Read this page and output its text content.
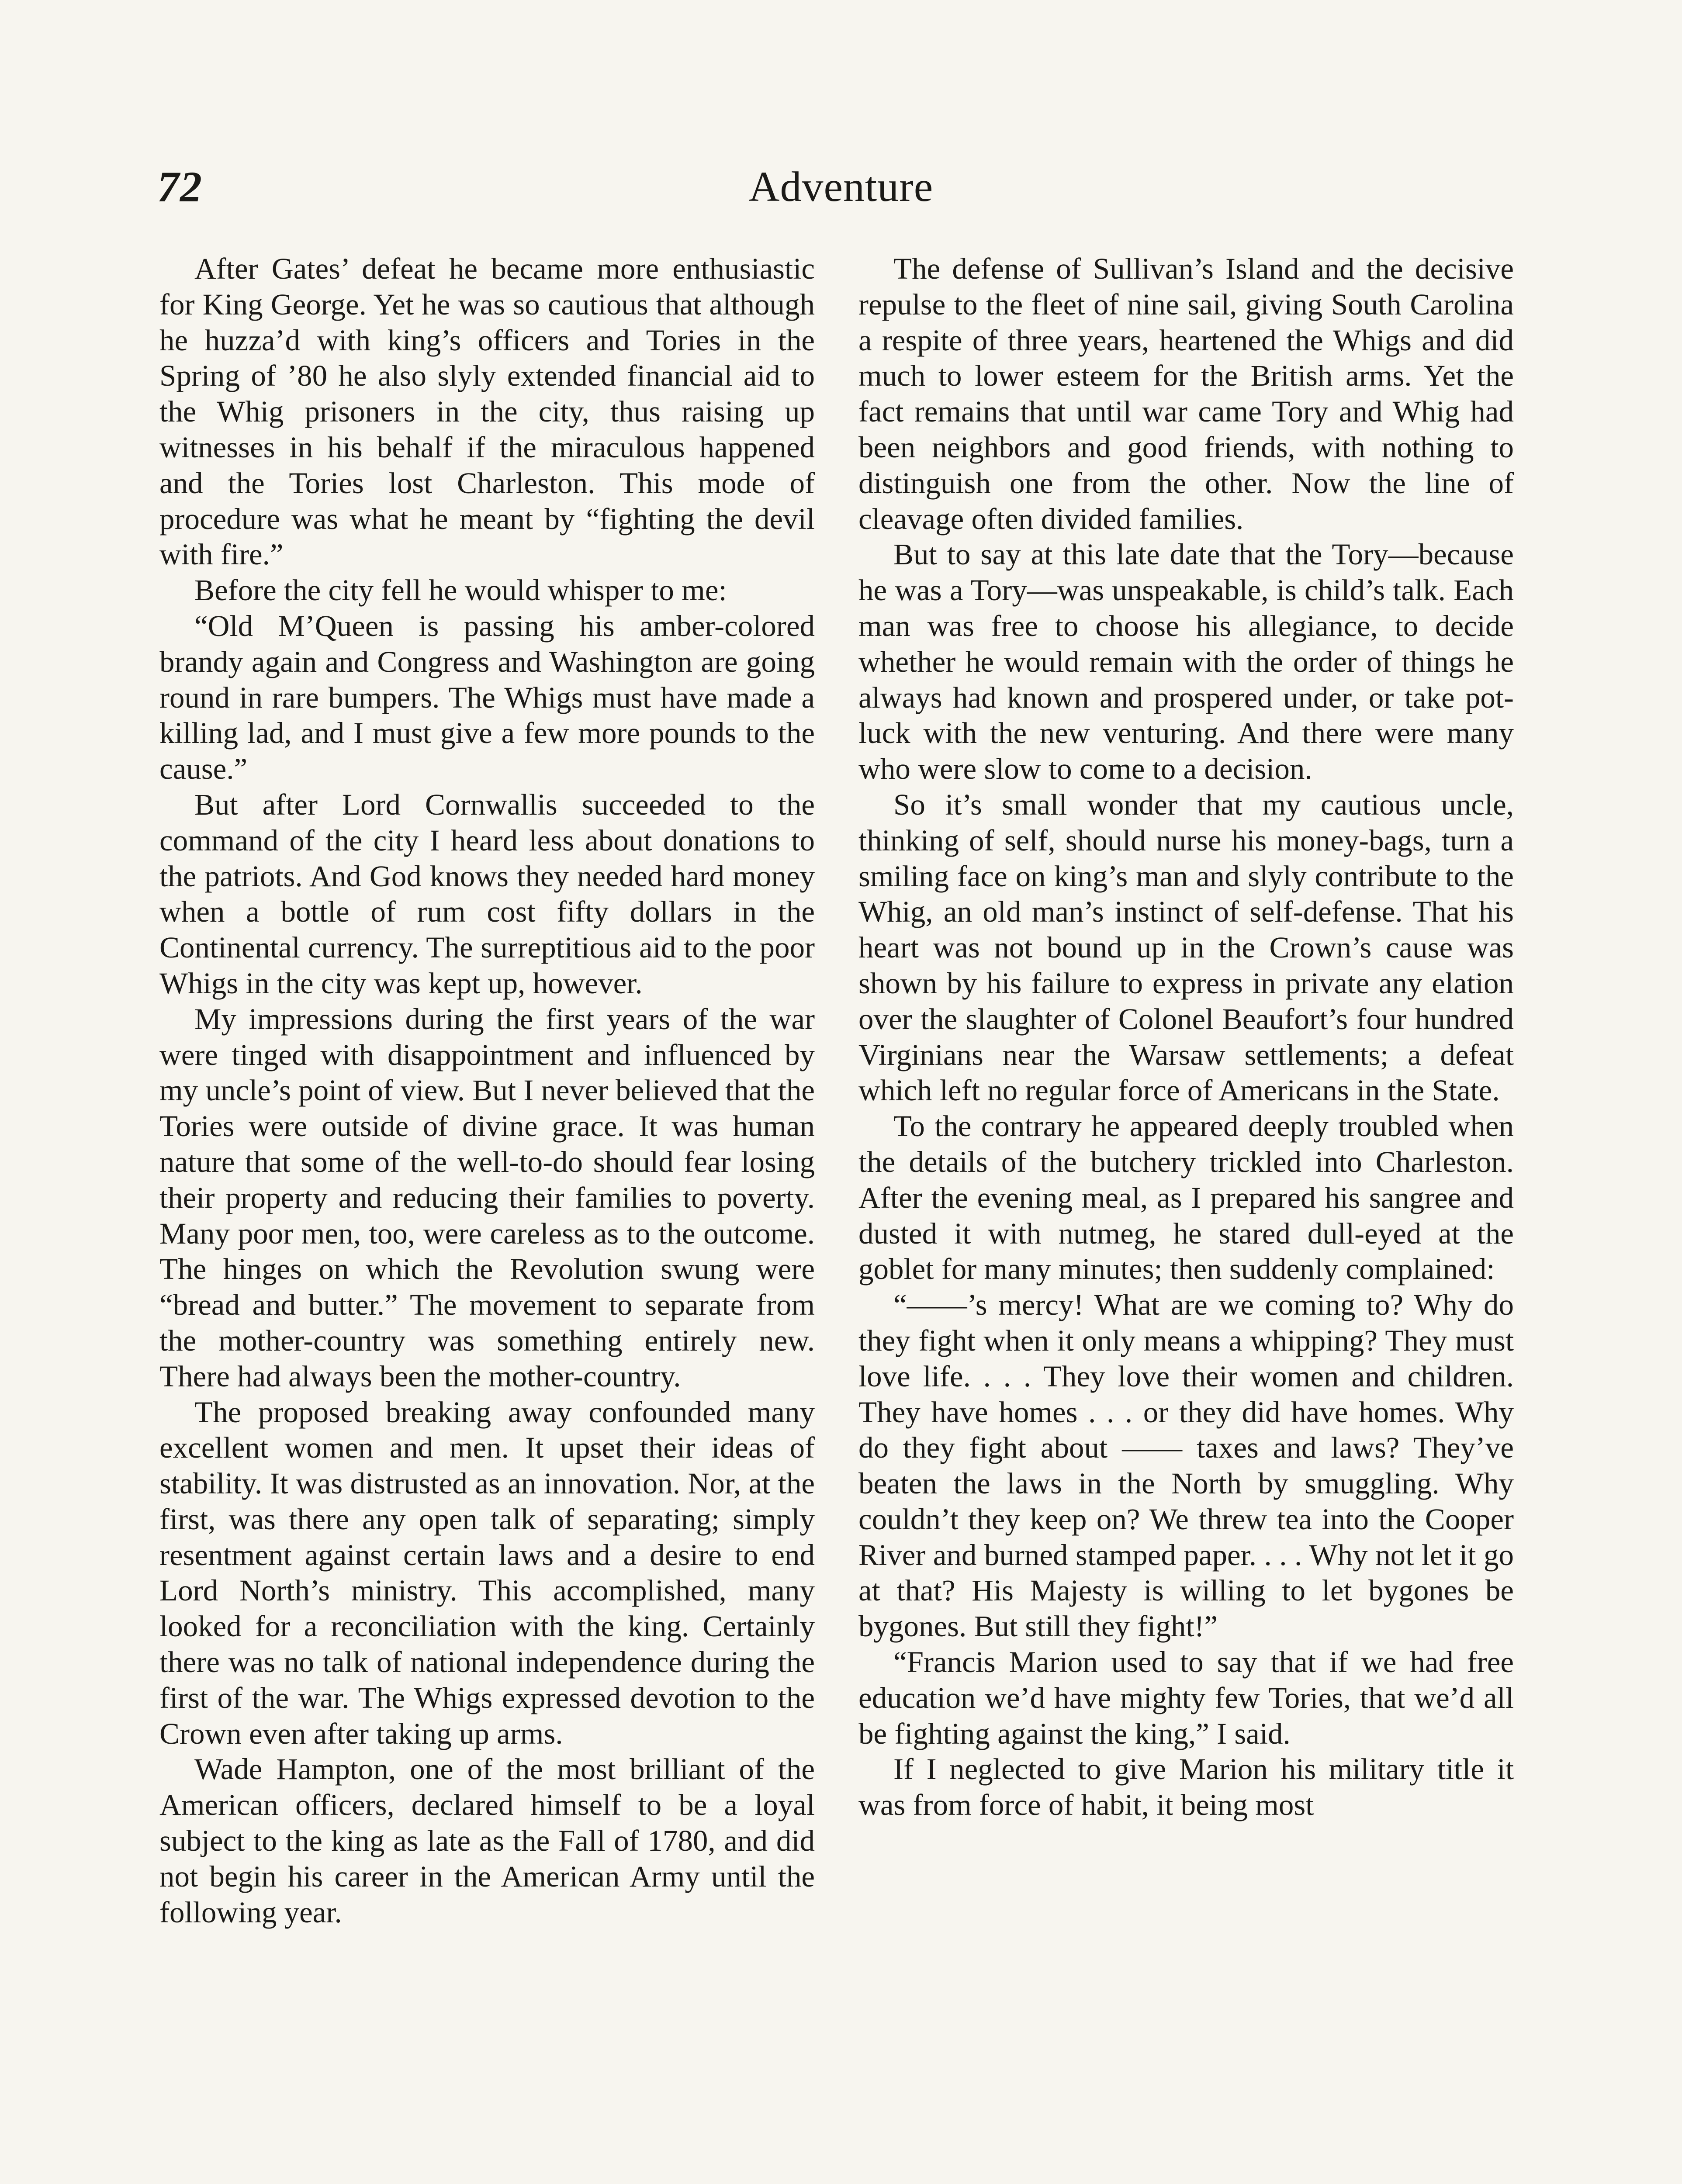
72	Adventure

After Gates’ defeat he became more enthusiastic for King George. Yet he was so cautious that although he huzza’d with king’s officers and Tories in the Spring of ’80 he also slyly extended financial aid to the Whig prisoners in the city, thus raising up witnesses in his behalf if the miraculous happened and the Tories lost Charleston. This mode of procedure was what he meant by “fighting the devil with fire.”

Before the city fell he would whisper to me:

“Old M’Queen is passing his amber-colored brandy again and Congress and Washington are going round in rare bumpers. The Whigs must have made a killing lad, and I must give a few more pounds to the cause.”

But after Lord Cornwallis succeeded to the command of the city I heard less about donations to the patriots. And God knows they needed hard money when a bottle of rum cost fifty dollars in the Continental currency. The surreptitious aid to the poor Whigs in the city was kept up, however.

My impressions during the first years of the war were tinged with disappointment and influenced by my uncle’s point of view. But I never believed that the Tories were outside of divine grace. It was human nature that some of the well-to-do should fear losing their property and reducing their families to poverty. Many poor men, too, were careless as to the outcome. The hinges on which the Revolution swung were “bread and butter.” The movement to separate from the mother-country was something entirely new. There had always been the mother-country.

The proposed breaking away confounded many excellent women and men. It upset their ideas of stability. It was distrusted as an innovation. Nor, at the first, was there any open talk of separating; simply resentment against certain laws and a desire to end Lord North’s ministry. This accomplished, many looked for a reconciliation with the king. Certainly there was no talk of national independence during the first of the war. The Whigs expressed devotion to the Crown even after taking up arms.

Wade Hampton, one of the most brilliant of the American officers, declared himself to be a loyal subject to the king as late as the Fall of 1780, and did not begin his career in the American Army until the following year.

The defense of Sullivan’s Island and the decisive repulse to the fleet of nine sail, giving South Carolina a respite of three years, heartened the Whigs and did much to lower esteem for the British arms. Yet the fact remains that until war came Tory and Whig had been neighbors and good friends, with nothing to distinguish one from the other. Now the line of cleavage often divided families.

But to say at this late date that the Tory—because he was a Tory—was unspeakable, is child’s talk. Each man was free to choose his allegiance, to decide whether he would remain with the order of things he always had known and prospered under, or take pot-luck with the new venturing. And there were many who were slow to come to a decision.

So it’s small wonder that my cautious uncle, thinking of self, should nurse his money-bags, turn a smiling face on king’s man and slyly contribute to the Whig, an old man’s instinct of self-defense. That his heart was not bound up in the Crown’s cause was shown by his failure to express in private any elation over the slaughter of Colonel Beaufort’s four hundred Virginians near the Warsaw settlements; a defeat which left no regular force of Americans in the State.

To the contrary he appeared deeply troubled when the details of the butchery trickled into Charleston. After the evening meal, as I prepared his sangree and dusted it with nutmeg, he stared dull-eyed at the goblet for many minutes; then suddenly complained:

“——’s mercy! What are we coming to? Why do they fight when it only means a whipping? They must love life. . . . They love their women and children. They have homes . . . or they did have homes. Why do they fight about —— taxes and laws? They’ve beaten the laws in the North by smuggling. Why couldn’t they keep on? We threw tea into the Cooper River and burned stamped paper. . . . Why not let it go at that? His Majesty is willing to let bygones be bygones. But still they fight!”

“Francis Marion used to say that if we had free education we’d have mighty few Tories, that we’d all be fighting against the king,” I said.

If I neglected to give Marion his military title it was from force of habit, it being most
